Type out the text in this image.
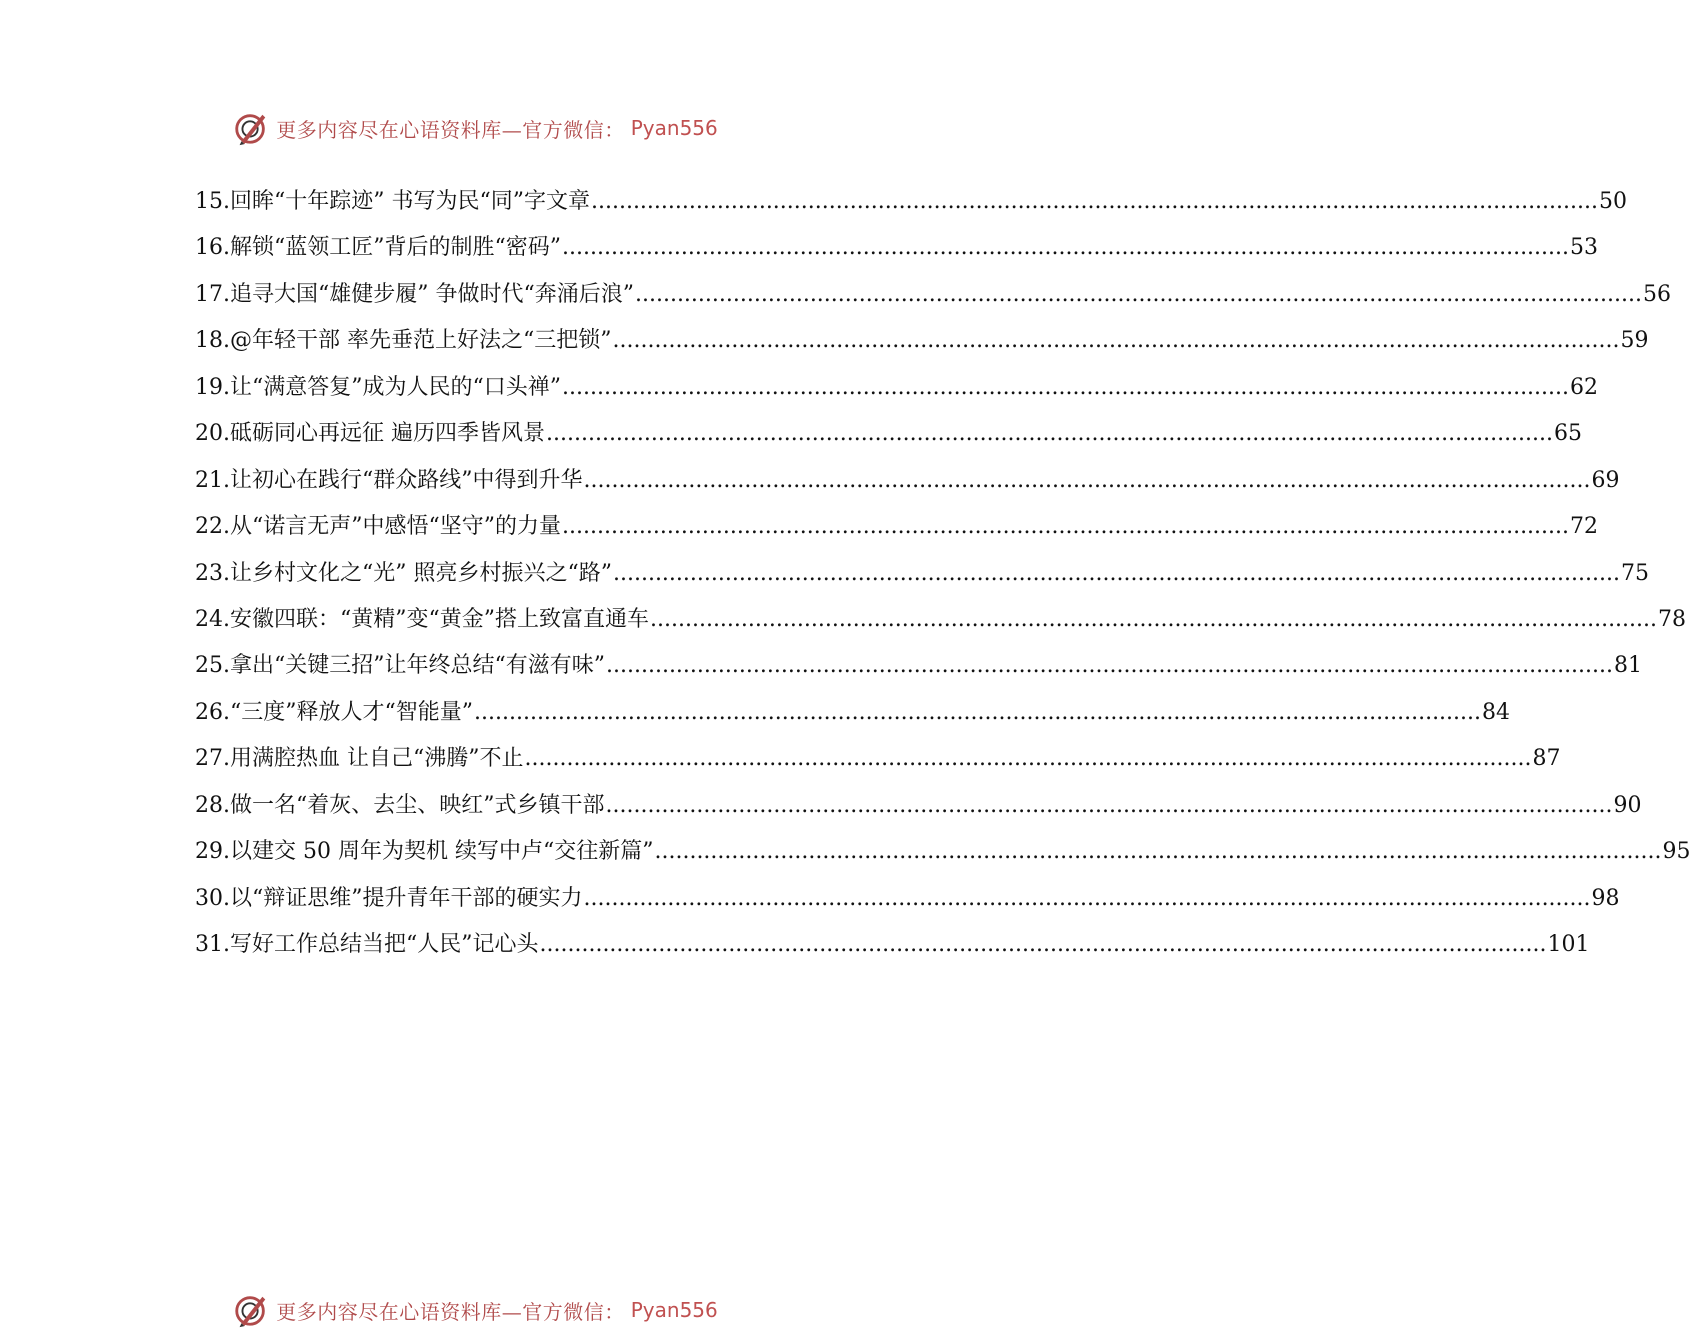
更多内容尽在心语资料库—官方微信： Pyan556
15. 回眸“十年踪迹” 书写为民“同”字文章 .....	50
16. 解锁“蓝领工匠”背后的制胜“密码” .....	53
17. 追寻大国“雄健步履” 争做时代“奔涌后浪” .....	56
18. @年轻干部 率先垂范上好法之“三把锁” .....	59
19. 让“满意答复”成为人民的“口头禅” .....	62
20. 砥砺同心再远征 遍历四季皆风景 .....	65
21. 让初心在践行“群众路线”中得到升华 .....	69
22. 从“诺言无声”中感悟“坚守”的力量 .....	72
23. 让乡村文化之“光” 照亮乡村振兴之“路” .....	75
24. 安徽四联：“黄精”变“黄金”搭上致富直通车 .....	78
25. 拿出“关键三招”让年终总结“有滋有味” .....	81
26. “三度”释放人才“智能量” .....	84
27. 用满腔热血 让自己“沸腾”不止 .....	87
28. 做一名“着灰、去尘、映红”式乡镇干部 .....	90
29. 以建交 50 周年为契机 续写中卢“交往新篇” .....	95
30. 以“辩证思维”提升青年干部的硬实力 .....	98
31. 写好工作总结当把“人民”记心头 .....	101
更多内容尽在心语资料库—官方微信： Pyan556
